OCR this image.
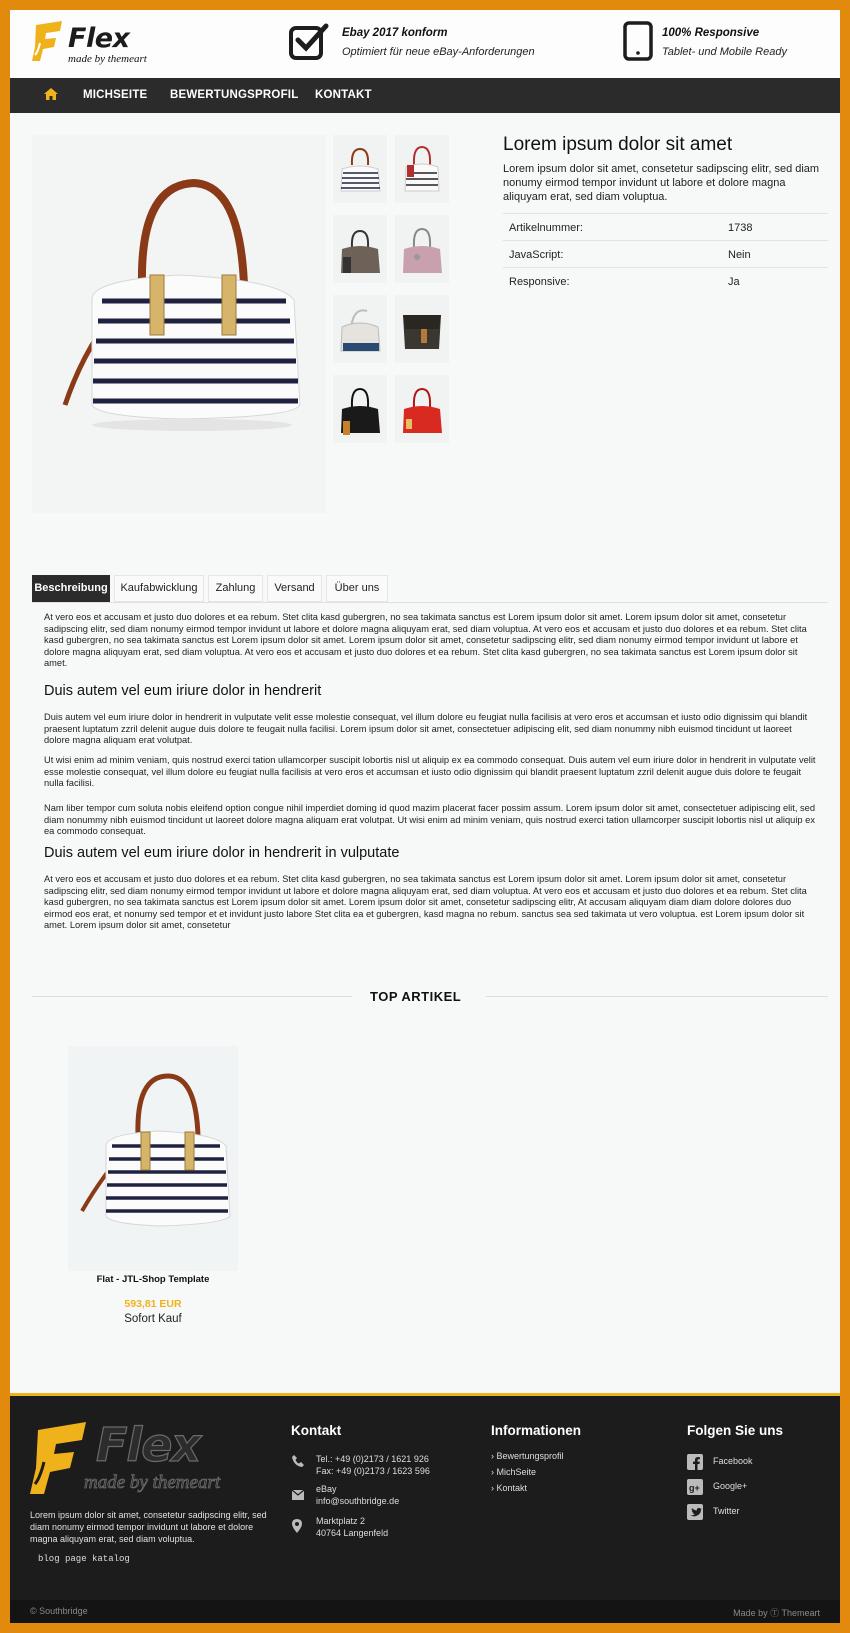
Flex
made by themeart
Ebay 2017 konform
Optimiert für neue eBay-Anforderungen
100% Responsive
Tablet- und Mobile Ready
MICHSEITE BEWERTUNGSPROFIL KONTAKT
Lorem ipsum dolor sit amet
Lorem ipsum dolor sit amet, consetetur sadipscing elitr, sed diam nonumy eirmod tempor invidunt ut labore et dolore magna aliquyam erat, sed diam voluptua.
Artikelnummer:	1738
JavaScript:	Nein
Responsive:	Ja
Beschreibung	Kaufabwicklung	Zahlung	Versand	Über uns

At vero eos et accusam et justo duo dolores et ea rebum. Stet clita kasd gubergren, no sea takimata sanctus est Lorem ipsum dolor sit amet. Lorem ipsum dolor sit amet, consetetur sadipscing elitr, sed diam nonumy eirmod tempor invidunt ut labore et dolore magna aliquyam erat, sed diam voluptua. At vero eos et accusam et justo duo dolores et ea rebum. Stet clita kasd gubergren, no sea takimata sanctus est Lorem ipsum dolor sit amet. Lorem ipsum dolor sit amet, consetetur sadipscing elitr, sed diam nonumy eirmod tempor invidunt ut labore et dolore magna aliquyam erat, sed diam voluptua. At vero eos et accusam et justo duo dolores et ea rebum. Stet clita kasd gubergren, no sea takimata sanctus est Lorem ipsum dolor sit amet.

Duis autem vel eum iriure dolor in hendrerit

Duis autem vel eum iriure dolor in hendrerit in vulputate velit esse molestie consequat, vel illum dolore eu feugiat nulla facilisis at vero eros et accumsan et iusto odio dignissim qui blandit praesent luptatum zzril delenit augue duis dolore te feugait nulla facilisi. Lorem ipsum dolor sit amet, consectetuer adipiscing elit, sed diam nonummy nibh euismod tincidunt ut laoreet dolore magna aliquam erat volutpat.

Ut wisi enim ad minim veniam, quis nostrud exerci tation ullamcorper suscipit lobortis nisl ut aliquip ex ea commodo consequat. Duis autem vel eum iriure dolor in hendrerit in vulputate velit esse molestie consequat, vel illum dolore eu feugiat nulla facilisis at vero eros et accumsan et iusto odio dignissim qui blandit praesent luptatum zzril delenit augue duis dolore te feugait nulla facilisi.

Nam liber tempor cum soluta nobis eleifend option congue nihil imperdiet doming id quod mazim placerat facer possim assum. Lorem ipsum dolor sit amet, consectetuer adipiscing elit, sed diam nonummy nibh euismod tincidunt ut laoreet dolore magna aliquam erat volutpat. Ut wisi enim ad minim veniam, quis nostrud exerci tation ullamcorper suscipit lobortis nisl ut aliquip ex ea commodo consequat.

Duis autem vel eum iriure dolor in hendrerit in vulputate

At vero eos et accusam et justo duo dolores et ea rebum. Stet clita kasd gubergren, no sea takimata sanctus est Lorem ipsum dolor sit amet. Lorem ipsum dolor sit amet, consetetur sadipscing elitr, sed diam nonumy eirmod tempor invidunt ut labore et dolore magna aliquyam erat, sed diam voluptua. At vero eos et accusam et justo duo dolores et ea rebum. Stet clita kasd gubergren, no sea takimata sanctus est Lorem ipsum dolor sit amet. Lorem ipsum dolor sit amet, consetetur sadipscing elitr, At accusam aliquyam diam diam dolore dolores duo eirmod eos erat, et nonumy sed tempor et et invidunt justo labore Stet clita ea et gubergren, kasd magna no rebum. sanctus sea sed takimata ut vero voluptua. est Lorem ipsum dolor sit amet. Lorem ipsum dolor sit amet, consetetur

TOP ARTIKEL
Flat - JTL-Shop Template
593,81 EUR
Sofort Kauf
Flex
made by themeart
Lorem ipsum dolor sit amet, consetetur sadipscing elitr, sed diam nonumy eirmod tempor invidunt ut labore et dolore magna aliquyam erat, sed diam voluptua.
blog page katalog
Kontakt
Tel.: +49 (0)2173 / 1621 926
Fax: +49 (0)2173 / 1623 596
eBay
info@southbridge.de
Marktplatz 2
40764 Langenfeld
Informationen
› Bewertungsprofil
› MichSeite
› Kontakt
Folgen Sie uns
Facebook
g+ Google+
Twitter
© Southbridge	Made by Ⓣ Themeart
